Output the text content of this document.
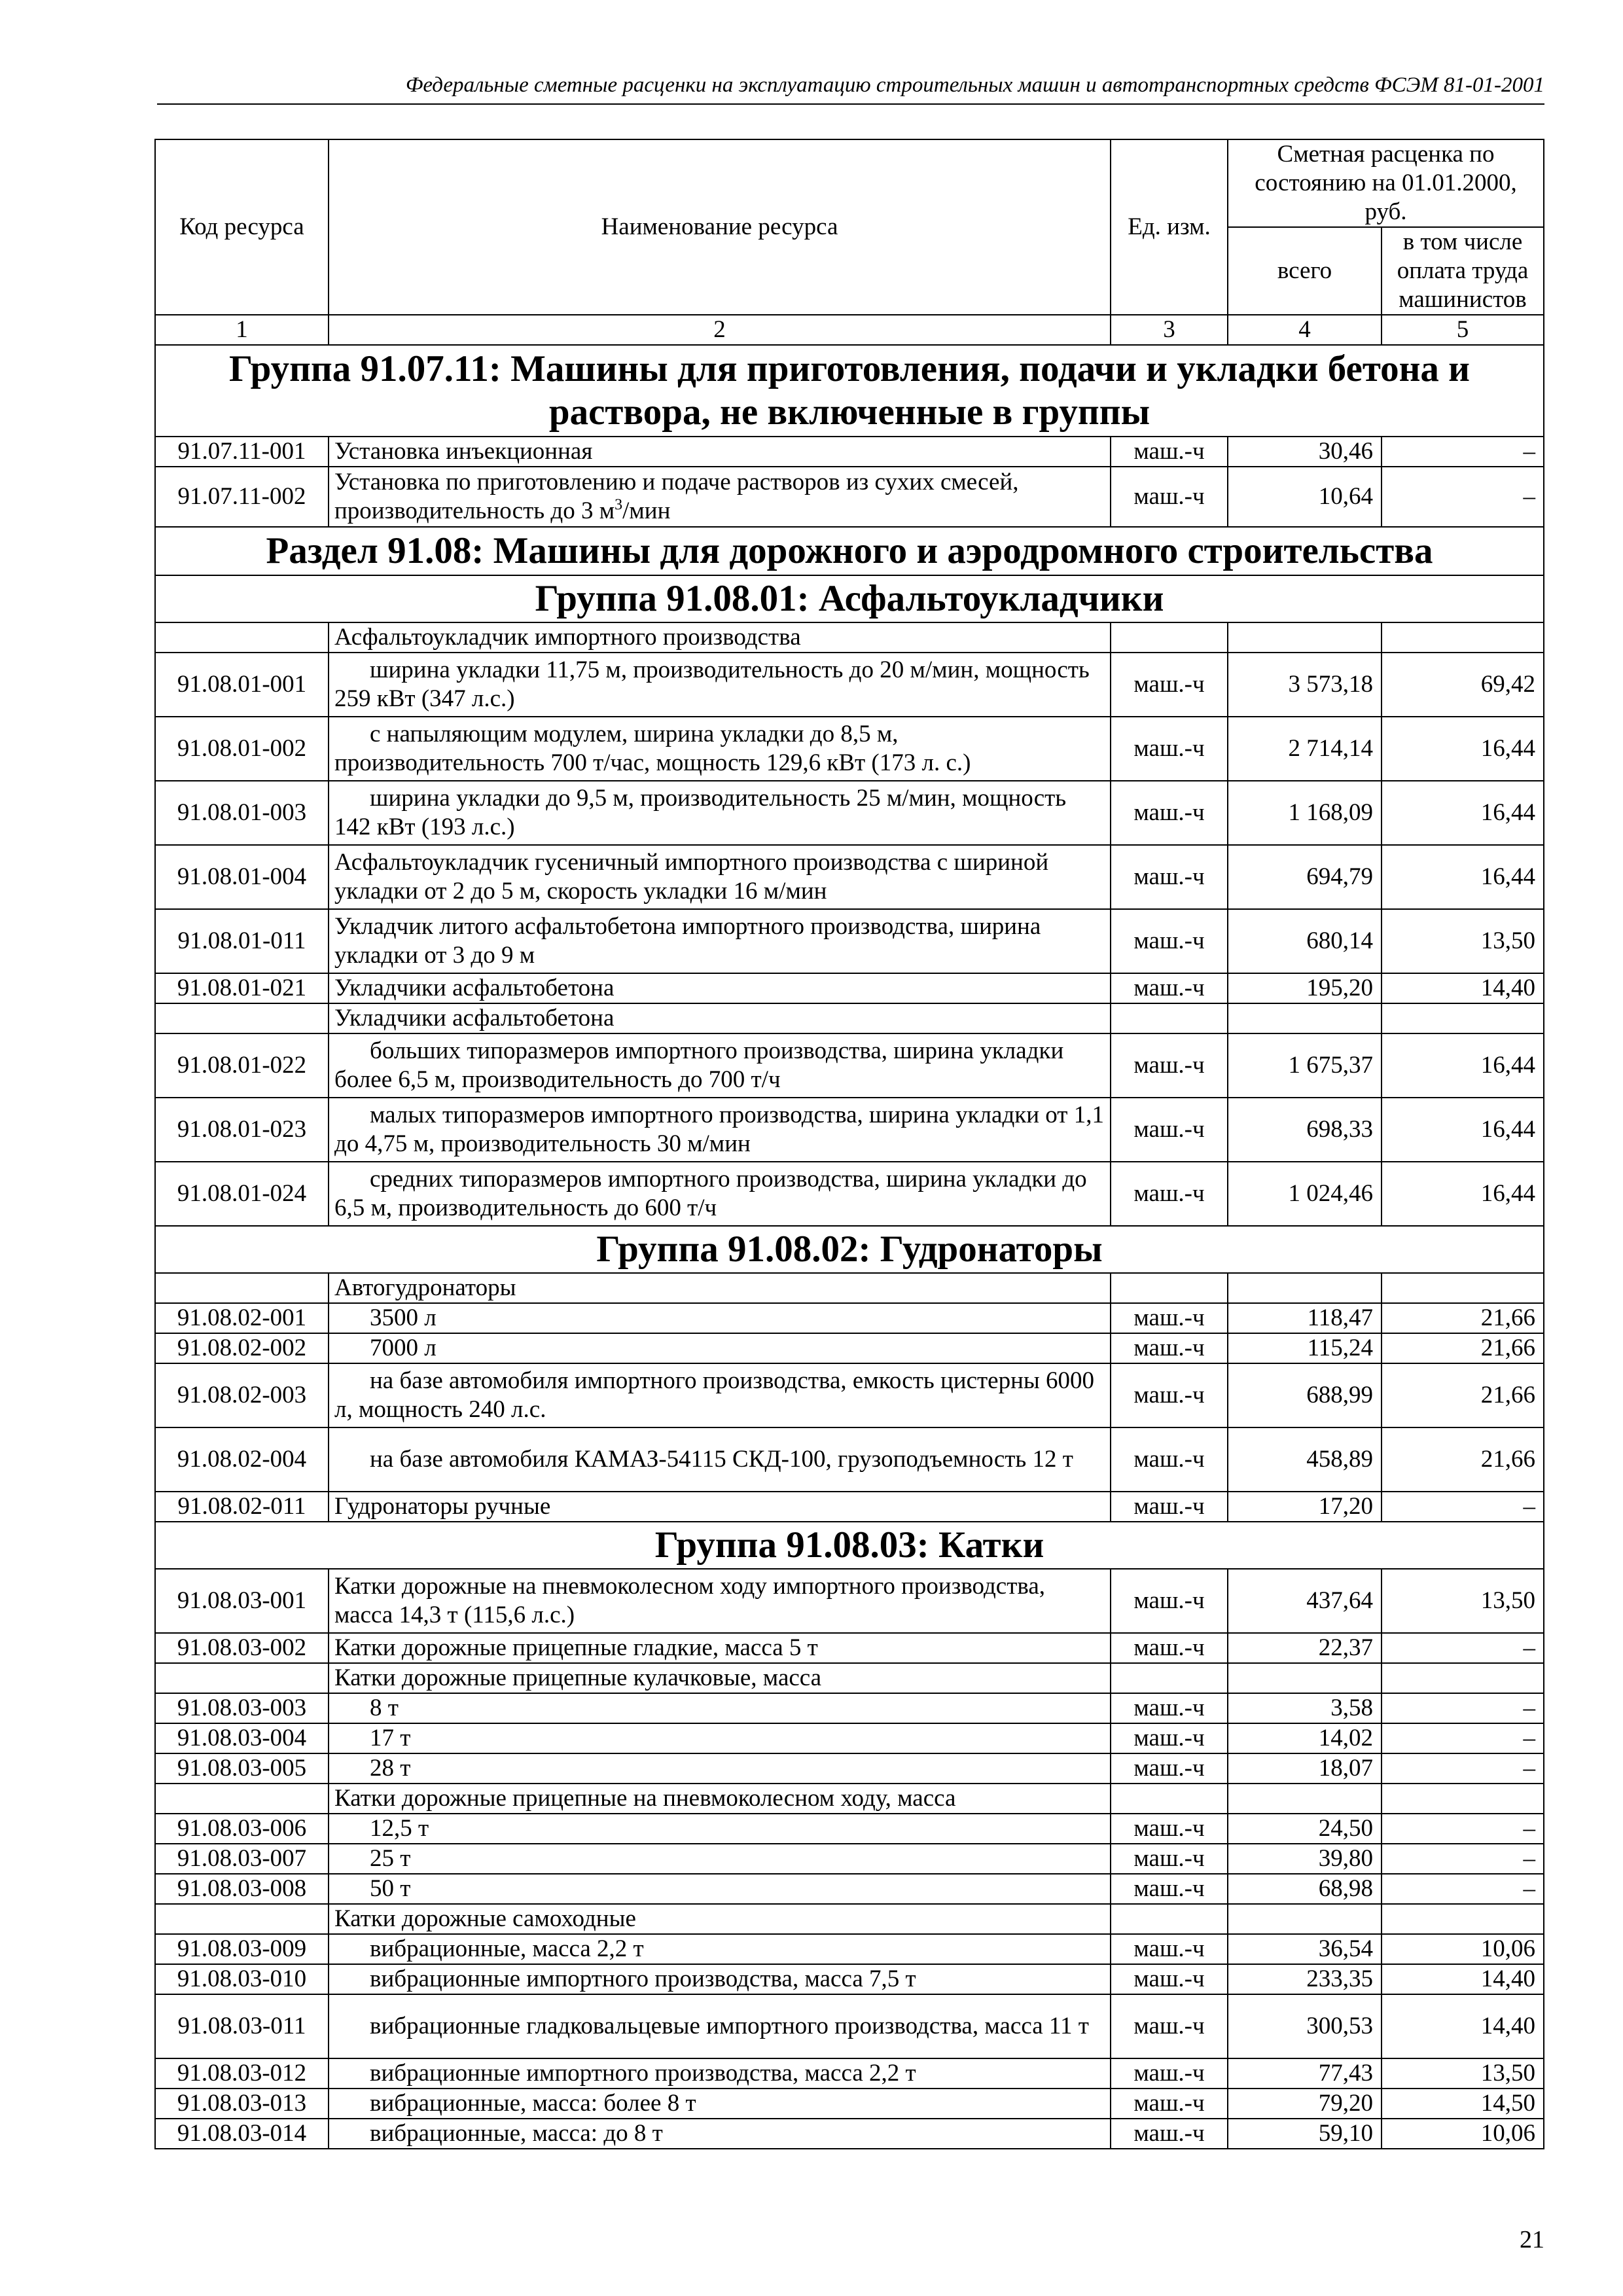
Федеральные сметные расценки на эксплуатацию строительных машин и автотранспортных средств ФСЭМ 81-01-2001
Код ресурса	Наименование ресурса	Ед. изм.	Сметная расценка по состоянию на 01.01.2000, руб.	
			всего	в том числе оплата труда машинистов
1	2	3	4	5
Группа 91.07.11: Машины для приготовления, подачи и укладки бетона и раствора, не включенные в группы				
91.07.11-001	Установка инъекционная	маш.-ч	30,46	–
91.07.11-002	Установка по приготовлению и подаче растворов из сухих смесей, производительность до 3 $м^3$/мин	маш.-ч	10,64	–
Раздел 91.08: Машины для дорожного и аэродромного строительства				
Группа 91.08.01: Асфальтоукладчики				
	Асфальтоукладчик импортного производства			
91.08.01-001	ширина укладки 11,75 м, производительность до 20 м/мин, мощность 259 кВт (347 л.с.)	маш.-ч	3 573,18	69,42
91.08.01-002	с напыляющим модулем, ширина укладки до 8,5 м, производительность 700 т/час, мощность 129,6 кВт (173 л. с.)	маш.-ч	2 714,14	16,44
91.08.01-003	ширина укладки до 9,5 м, производительность 25 м/мин, мощность 142 кВт (193 л.с.)	маш.-ч	1 168,09	16,44
91.08.01-004	Асфальтоукладчик гусеничный импортного производства с шириной укладки от 2 до 5 м, скорость укладки 16 м/мин	маш.-ч	694,79	16,44
91.08.01-011	Укладчик литого асфальтобетона импортного производства, ширина укладки от 3 до 9 м	маш.-ч	680,14	13,50
91.08.01-021	Укладчики асфальтобетона	маш.-ч	195,20	14,40
	Укладчики асфальтобетона			
91.08.01-022	больших типоразмеров импортного производства, ширина укладки более 6,5 м, производительность до 700 т/ч	маш.-ч	1 675,37	16,44
91.08.01-023	малых типоразмеров импортного производства, ширина укладки от 1,1 до 4,75 м, производительность 30 м/мин	маш.-ч	698,33	16,44
91.08.01-024	средних типоразмеров импортного производства, ширина укладки до 6,5 м, производительность до 600 т/ч	маш.-ч	1 024,46	16,44
Группа 91.08.02: Гудронаторы				
	Автогудронаторы			
91.08.02-001	3500 л	маш.-ч	118,47	21,66
91.08.02-002	7000 л	маш.-ч	115,24	21,66
91.08.02-003	на базе автомобиля импортного производства, емкость цистерны 6000 л, мощность 240 л.с.	маш.-ч	688,99	21,66
91.08.02-004	на базе автомобиля КАМАЗ-54115 СКД-100, грузоподъемность 12 т	маш.-ч	458,89	21,66
91.08.02-011	Гудронаторы ручные	маш.-ч	17,20	–
Группа 91.08.03: Катки				
91.08.03-001	Катки дорожные на пневмоколесном ходу импортного производства, масса 14,3 т (115,6 л.с.)	маш.-ч	437,64	13,50
91.08.03-002	Катки дорожные прицепные гладкие, масса 5 т	маш.-ч	22,37	–
	Катки дорожные прицепные кулачковые, масса			
91.08.03-003	8 т	маш.-ч	3,58	–
91.08.03-004	17 т	маш.-ч	14,02	–
91.08.03-005	28 т	маш.-ч	18,07	–
	Катки дорожные прицепные на пневмоколесном ходу, масса			
91.08.03-006	12,5 т	маш.-ч	24,50	–
91.08.03-007	25 т	маш.-ч	39,80	–
91.08.03-008	50 т	маш.-ч	68,98	–
	Катки дорожные самоходные			
91.08.03-009	вибрационные, масса 2,2 т	маш.-ч	36,54	10,06
91.08.03-010	вибрационные импортного производства, масса 7,5 т	маш.-ч	233,35	14,40
91.08.03-011	вибрационные гладковальцевые импортного производства, масса 11 т	маш.-ч	300,53	14,40
91.08.03-012	вибрационные импортного производства, масса 2,2 т	маш.-ч	77,43	13,50
91.08.03-013	вибрационные, масса: более 8 т	маш.-ч	79,20	14,50
91.08.03-014	вибрационные, масса: до 8 т	маш.-ч	59,10	10,06
21
